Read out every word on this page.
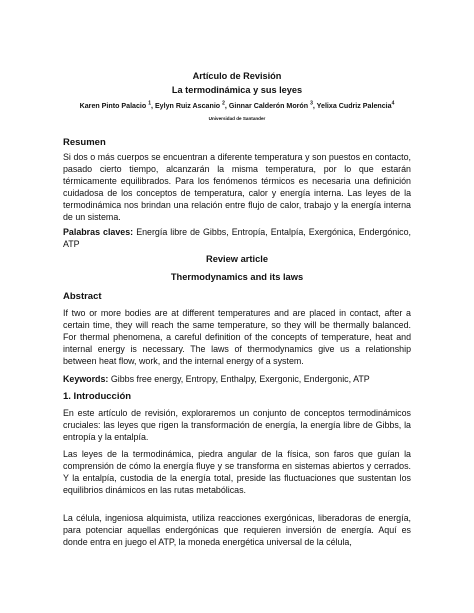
Artículo de Revisión
La termodinámica y sus leyes
Karen Pinto Palacio $^1$, Eylyn Ruiz Ascanio $^2$, Ginnar Calderón Morón $^3$, Yelixa Cudriz Palencia$^4$
Universidad de Santander
Resumen
Si dos o más cuerpos se encuentran a diferente temperatura y son puestos en contacto, pasado cierto tiempo, alcanzarán la misma temperatura, por lo que estarán térmicamente equilibrados. Para los fenómenos térmicos es necesaria una definición cuidadosa de los conceptos de temperatura, calor y energía interna. Las leyes de la termodinámica nos brindan una relación entre flujo de calor, trabajo y la energía interna de un sistema.
Palabras claves: Energía libre de Gibbs, Entropía, Entalpía, Exergónica, Endergónico, ATP
Review article
Thermodynamics and its laws
Abstract
If two or more bodies are at different temperatures and are placed in contact, after a certain time, they will reach the same temperature, so they will be thermally balanced. For thermal phenomena, a careful definition of the concepts of temperature, heat and internal energy is necessary. The laws of thermodynamics give us a relationship between heat flow, work, and the internal energy of a system.
Keywords: Gibbs free energy, Entropy, Enthalpy, Exergonic, Endergonic, ATP
1. Introducción
En este artículo de revisión, exploraremos un conjunto de conceptos termodinámicos cruciales: las leyes que rigen la transformación de energía, la energía libre de Gibbs, la entropía y la entalpía.
Las leyes de la termodinámica, piedra angular de la física, son faros que guían la comprensión de cómo la energía fluye y se transforma en sistemas abiertos y cerrados. Y la entalpía, custodia de la energía total, preside las fluctuaciones que sustentan los equilibrios dinámicos en las rutas metabólicas.
La célula, ingeniosa alquimista, utiliza reacciones exergónicas, liberadoras de energía, para potenciar aquellas endergónicas que requieren inversión de energía. Aquí es donde entra en juego el ATP, la moneda energética universal de la célula,
